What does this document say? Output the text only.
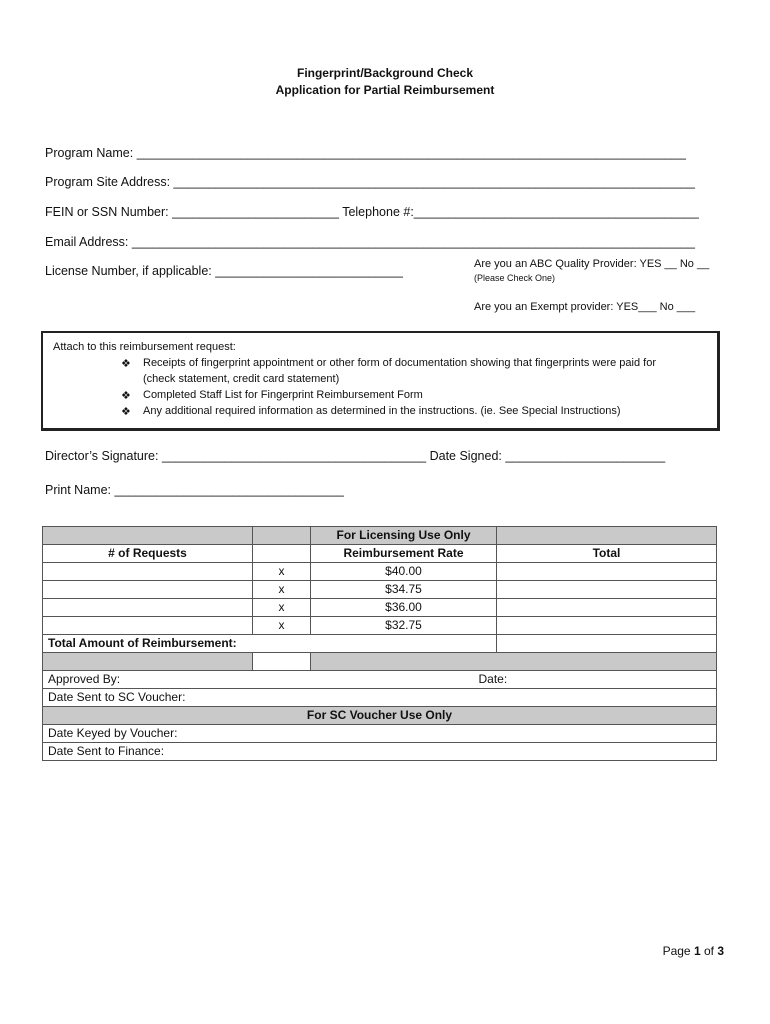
Fingerprint/Background Check
Application for Partial Reimbursement
Program Name: _______________________________________________________________________________
Program Site Address: ___________________________________________________________________________
FEIN or SSN Number: ________________________ Telephone #:_________________________________________
Email Address: _________________________________________________________________________________
License Number, if applicable: ___________________________	Are you an ABC Quality Provider: YES __ No __
(Please Check One)
Are you an Exempt provider: YES___ No ___
Attach to this reimbursement request:
❖ Receipts of fingerprint appointment or other form of documentation showing that fingerprints were paid for
(check statement, credit card statement)
❖ Completed Staff List for Fingerprint Reimbursement Form
❖ Any additional required information as determined in the instructions. (ie. See Special Instructions)
Director’s Signature: ______________________________________ Date Signed: _______________________
Print Name: _________________________________
		For Licensing Use Only	
# of Requests		Reimbursement Rate	Total
	x	$40.00	
	x	$34.75	
	x	$36.00	
	x	$32.75	
Total Amount of Reimbursement:			

Approved By:			Date:
Date Sent to SC Voucher:			
For SC Voucher Use Only			
Date Keyed by Voucher:			
Date Sent to Finance:			
Page 1 of 3
